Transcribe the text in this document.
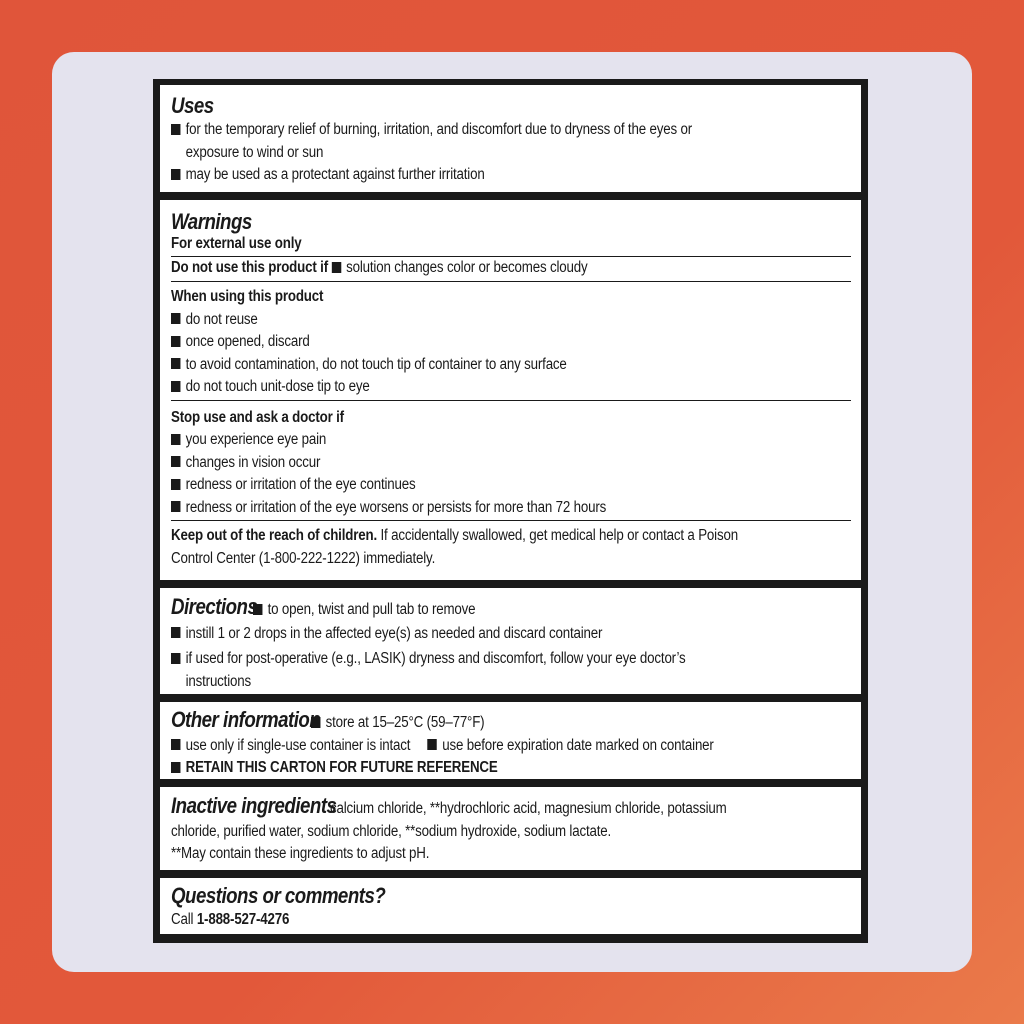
Uses
for the temporary relief of burning, irritation, and discomfort due to dryness of the eyes or
exposure to wind or sun
may be used as a protectant against further irritation
Warnings
For external use only
Do not use this product if solution changes color or becomes cloudy
When using this product
do not reuse
once opened, discard
to avoid contamination, do not touch tip of container to any surface
do not touch unit-dose tip to eye
Stop use and ask a doctor if
you experience eye pain
changes in vision occur
redness or irritation of the eye continues
redness or irritation of the eye worsens or persists for more than 72 hours
Keep out of the reach of children. If accidentally swallowed, get medical help or contact a Poison
Control Center (1-800-222-1222) immediately.
Directions to open, twist and pull tab to remove
instill 1 or 2 drops in the affected eye(s) as needed and discard container
if used for post-operative (e.g., LASIK) dryness and discomfort, follow your eye doctor’s
instructions
Other information store at 15–25°C (59–77°F)
use only if single-use container is intact use before expiration date marked on container
RETAIN THIS CARTON FOR FUTURE REFERENCE
Inactive ingredients
calcium chloride, **hydrochloric acid, magnesium chloride, potassium
chloride, purified water, sodium chloride, **sodium hydroxide, sodium lactate.
**May contain these ingredients to adjust pH.
Questions or comments?
Call 1-888-527-4276
